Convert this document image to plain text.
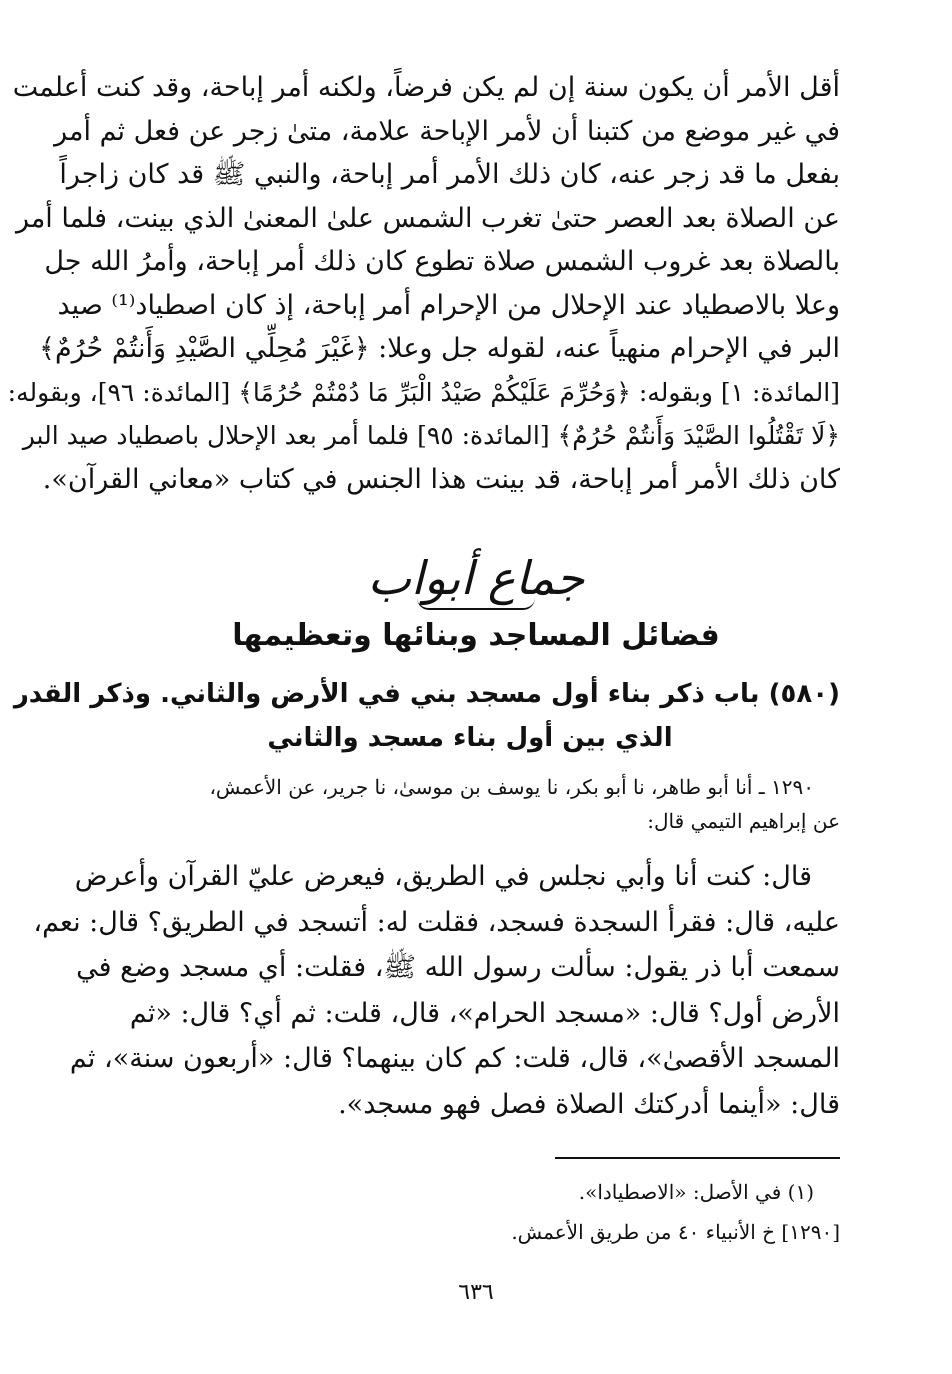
أقل الأمر أن يكون سنة إن لم يكن فرضاً، ولكنه أمر إباحة، وقد كنت أعلمت
في غير موضع من كتبنا أن لأمر الإباحة علامة، متىٰ زجر عن فعل ثم أمر
بفعل ما قد زجر عنه، كان ذلك الأمر أمر إباحة، والنبي ﷺ قد كان زاجراً
عن الصلاة بعد العصر حتىٰ تغرب الشمس علىٰ المعنىٰ الذي بينت، فلما أمر
بالصلاة بعد غروب الشمس صلاة تطوع كان ذلك أمر إباحة، وأمرُ الله جل
وعلا بالاصطياد عند الإحلال من الإحرام أمر إباحة، إذ كان اصطياد⁽¹⁾ صيد
البر في الإحرام منهياً عنه، لقوله جل وعلا: ﴿غَيْرَ مُحِلِّي الصَّيْدِ وَأَنتُمْ حُرُمٌ﴾
[المائدة: ١] وبقوله: ﴿وَحُرِّمَ عَلَيْكُمْ صَيْدُ الْبَرِّ مَا دُمْتُمْ حُرُمًا﴾ [المائدة: ٩٦]، وبقوله:
﴿لَا تَقْتُلُوا الصَّيْدَ وَأَنتُمْ حُرُمٌ﴾ [المائدة: ٩٥] فلما أمر بعد الإحلال باصطياد صيد البر
كان ذلك الأمر أمر إباحة، قد بينت هذا الجنس في كتاب «معاني القرآن».
جماع أبواب
فضائل المساجد وبنائها وتعظيمها
(٥٨٠) باب ذكر بناء أول مسجد بني في الأرض والثاني. وذكر القدر
الذي بين أول بناء مسجد والثاني
١٢٩٠ ـ أنا أبو طاهر، نا أبو بكر، نا يوسف بن موسىٰ، نا جرير، عن الأعمش،
عن إبراهيم التيمي قال:
قال: كنت أنا وأبي نجلس في الطريق، فيعرض عليّ القرآن وأعرض
عليه، قال: فقرأ السجدة فسجد، فقلت له: أتسجد في الطريق؟ قال: نعم،
سمعت أبا ذر يقول: سألت رسول الله ﷺ، فقلت: أي مسجد وضع في
الأرض أول؟ قال: «مسجد الحرام»، قال، قلت: ثم أي؟ قال: «ثم
المسجد الأقصىٰ»، قال، قلت: كم كان بينهما؟ قال: «أربعون سنة»، ثم
قال: «أينما أدركتك الصلاة فصل فهو مسجد».
(١) في الأصل: «الاصطيادا».
[١٢٩٠] خ الأنبياء ٤٠ من طريق الأعمش.
٦٣٦
